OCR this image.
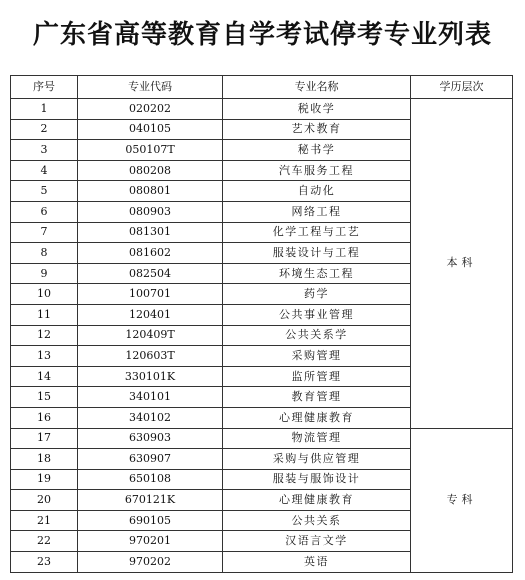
广东省高等教育自学考试停考专业列表
序号	专业代码	专业名称	学历层次
1	020202	税收学	本科
2	040105	艺术教育	
3	050107T	秘书学	
4	080208	汽车服务工程	
5	080801	自动化	
6	080903	网络工程	
7	081301	化学工程与工艺	
8	081602	服装设计与工程	
9	082504	环境生态工程	
10	100701	药学	
11	120401	公共事业管理	
12	120409T	公共关系学	
13	120603T	采购管理	
14	330101K	监所管理	
15	340101	教育管理	
16	340102	心理健康教育	
17	630903	物流管理	专科
18	630907	采购与供应管理	
19	650108	服装与服饰设计	
20	670121K	心理健康教育	
21	690105	公共关系	
22	970201	汉语言文学	
23	970202	英语	
